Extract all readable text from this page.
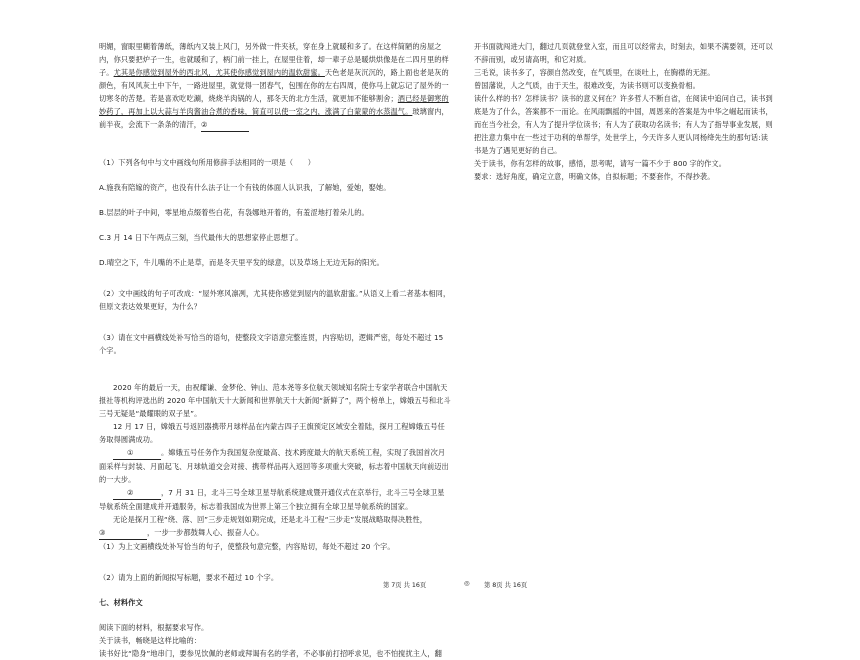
明媚，窗眼里糊着薄纸，薄纸内又装上风门，另外做一件夹袄，穿在身上就暖和多了。在这样简陋的房屋之内，你只要把炉子一生，也就暖和了，柄门前一挂上，在屋里住着，却一辈子总是暖烘烘像是在二四月里的样子。尤其是你感觉到屋外的西北风，尤其使你感觉到屋内的温软甜蜜。天色老是灰沉沉的，路上面也老是灰的颜色，有风风灰土中下午，一路进屋里，就觉得一团春气，包围在你的左右四周，使你马上就忘记了屋外的一切寒冬的苦楚。若是喜欢吃吃涮，烧烧羊肉锅的人，那冬天的北方生活，就更加不能够割舍；酒已经是御寒的妙药了，再加上以大蒜与羊肉酱油合煮的香味，简直可以使一室之内，涨满了白蒙蒙的水蒸温气。玻璃窗内，前半夜，会流下一条条的清汗，②

（1）下列各句中与文中画线句所用修辞手法相同的一项是（　　）

A.施我有陪嫁的资产，也没有什么法子让一个有钱的体面人认识我，了解她，爱她，娶她。

B.层层的叶子中间，零星地点缀着些白花，有袅娜地开着的，有羞涩地打着朵儿的。

C.3 月 14 日下午两点三刻，当代最伟大的思想家停止思想了。

D.晴空之下，牛儿嘴的不止是草，而是冬天里平发的绿意，以及草场上无边无际的阳光。

（2）文中画线的句子可改成：“屋外寒风凛冽，尤其使你感觉到屋内的温软甜蜜。”从语义上看二者基本相同，但原文表达效果更好，为什么？

（3）请在文中画横线处补写恰当的语句，使整段文字语意完整连贯，内容贴切，逻辑严密，每处不超过 15 个字。

2020 年的最后一天，由祝耀谦、金梦伦、钟山、范本尧等多位航天领域知名院士专家学者联合中国航天报社等机构评选出的 2020 年中国航天十大新闻和世界航天十大新闻“新鲜了”，两个榜单上，嫦娥五号和北斗三号无疑是“最耀眼的双子星”。

12 月 17 日，嫦娥五号返回器携带月球样品在内蒙古四子王旗预定区域安全着陆，探月工程嫦娥五号任务取得圆满成功。

①	。嫦娥五号任务作为我国复杂度最高、技术跨度最大的航天系统工程，实现了我国首次月面采样与封装、月面起飞、月球轨道交会对接、携带样品再入返回等多项重大突破，标志着中国航天向前迈出的一大步。

②	，7 月 31 日，北斗三号全球卫星导航系统建成暨开通仪式在京举行，北斗三号全球卫星导航系统全面建成并开通服务，标志着我国成为世界上第三个独立拥有全球卫星导航系统的国家。

无论是探月工程“绕、落、回”三步走规划如期完成，还是北斗工程“三步走”发展战略取得决胜性，

③	，一步一步都鼓舞人心、振奋人心。

（1）为上文画横线处补写恰当的句子，使整段句意完整，内容贴切，每处不超过 20 个字。

（2）请为上面的新闻拟写标题，要求不超过 10 个字。

七、材料作文

阅读下面的材料，根据要求写作。

关于读书，畅晓是这样比喻的：

读书好比“隐身”地串门，要参见饮佩的老师或拜谒有名的学者，不必事前打招呼求见，也不怕搅扰主人，翻

开书面就闯进大门，翻过几页就登堂入室，而且可以经常去，时刻去，如果不满要领，还可以不辞而别，或另请高明，和它对质。

三毛说，读书多了，容颜自然改变，在气质里，在谈吐上，在胸襟的无涯。

曾国藩说，人之气质，由于天生，很难改变，为读书则可以变换骨相。

读什么样的书？怎样读书？读书的意义何在？许多哲人不断自省，在阅读中追问自己，读书到底是为了什么，答案都不一而论。在风雨飘摇的中国，周恩来的答案是为中华之崛起而读书，而在当今社会，有人为了提升学位读书；有人为了获取功名读书；有人为了指导事业发展，则把注意力集中在一些过于功利的单帮学，处世学上，今天许多人更认同杨绛先生的那句话:读书是为了遇见更好的自己。

关于读书，你有怎样的故事，感悟，思考呢，请写一篇不少于 800 字的作文。

要求：选好角度，确定立意，明确文体，自拟标题；不要套作，不得抄袭。

第 7页 共 16页	◎ 第 8页 共 16页
